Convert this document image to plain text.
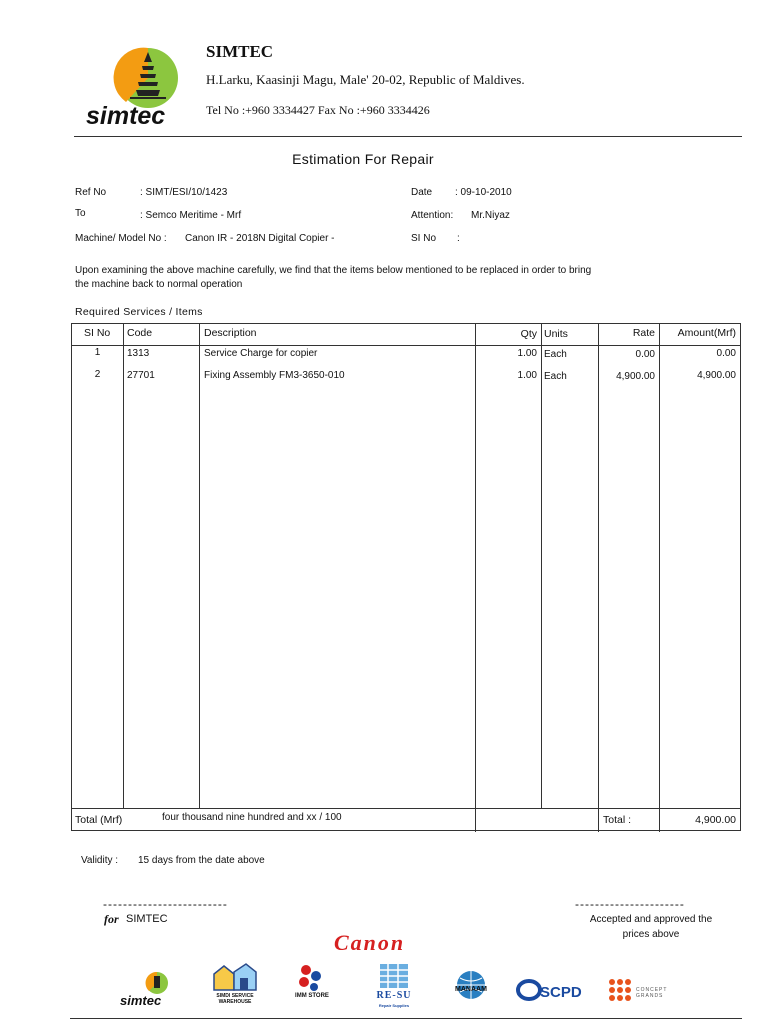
simtec
SIMTEC
H.Larku, Kaasinji Magu, Male' 20-02, Republic of Maldives.
Tel No :+960 3334427 Fax No :+960 3334426
Estimation For Repair
Ref No	: SIMT/ESI/10/1423
To	: Semco Meritime - Mrf
Machine/ Model No : Canon IR - 2018N Digital Copier -
Date : 09-10-2010
Attention: Mr.Niyaz
SI No :
Upon examining the above machine carefully, we find that the items below mentioned to be replaced in order to bring
the machine back to normal operation
Required Services / Items
SI No Code	Description	Qty Units	Rate	Amount(Mrf)
1	1313	Service Charge for copier	1.00 Each	0.00	0.00
2	27701	Fixing Assembly FM3-3650-010	1.00 Each	4,900.00	4,900.00
Total (Mrf)	four thousand nine hundred and xx / 100	Total :	4,900.00
Validity : 15 days from the date above
-------------------------
for SIMTEC
----------------------
Accepted and approved the
prices above
Canon
simtec	SIMDI SERVICE WAREHOUSE
IMM STORE	RE-SU
Repair Supplies
MANAAM	SCPD	CONCEPT GRANDS
